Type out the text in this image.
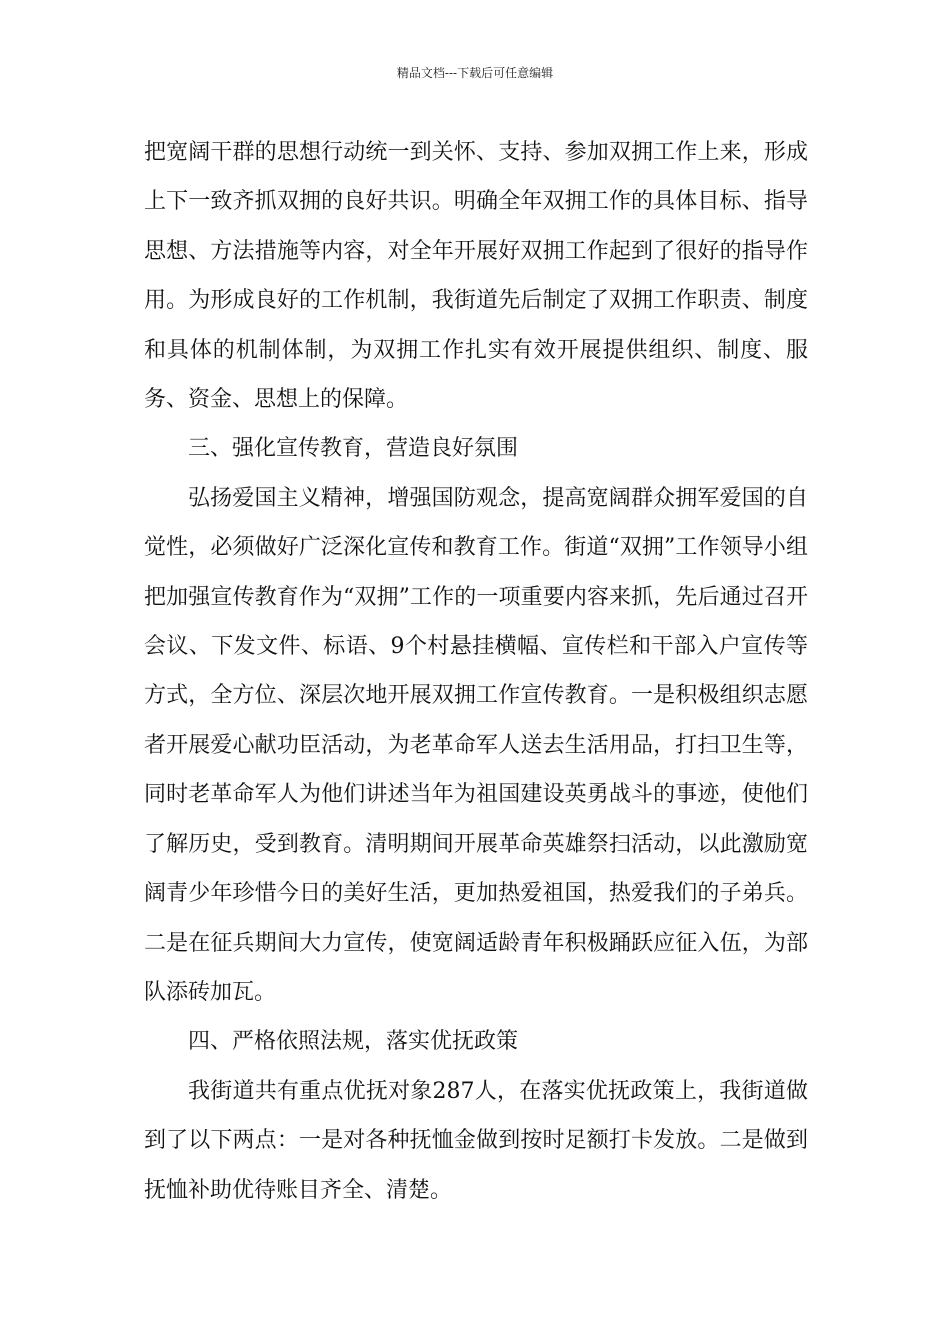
精品文档---下载后可任意编辑

把宽阔干群的思想行动统一到关怀、支持、参加双拥工作上来，形成上下一致齐抓双拥的良好共识。明确全年双拥工作的具体目标、指导思想、方法措施等内容，对全年开展好双拥工作起到了很好的指导作用。为形成良好的工作机制，我街道先后制定了双拥工作职责、制度和具体的机制体制，为双拥工作扎实有效开展提供组织、制度、服务、资金、思想上的保障。

三、强化宣传教育，营造良好氛围

弘扬爱国主义精神，增强国防观念，提高宽阔群众拥军爱国的自觉性，必须做好广泛深化宣传和教育工作。街道“双拥”工作领导小组把加强宣传教育作为“双拥”工作的一项重要内容来抓，先后通过召开会议、下发文件、标语、9个村悬挂横幅、宣传栏和干部入户宣传等方式，全方位、深层次地开展双拥工作宣传教育。一是积极组织志愿者开展爱心献功臣活动，为老革命军人送去生活用品，打扫卫生等，同时老革命军人为他们讲述当年为祖国建设英勇战斗的事迹，使他们了解历史，受到教育。清明期间开展革命英雄祭扫活动，以此激励宽阔青少年珍惜今日的美好生活，更加热爱祖国，热爱我们的子弟兵。二是在征兵期间大力宣传，使宽阔适龄青年积极踊跃应征入伍，为部队添砖加瓦。

四、严格依照法规，落实优抚政策

我街道共有重点优抚对象287人，在落实优抚政策上，我街道做到了以下两点：一是对各种抚恤金做到按时足额打卡发放。二是做到抚恤补助优待账目齐全、清楚。
